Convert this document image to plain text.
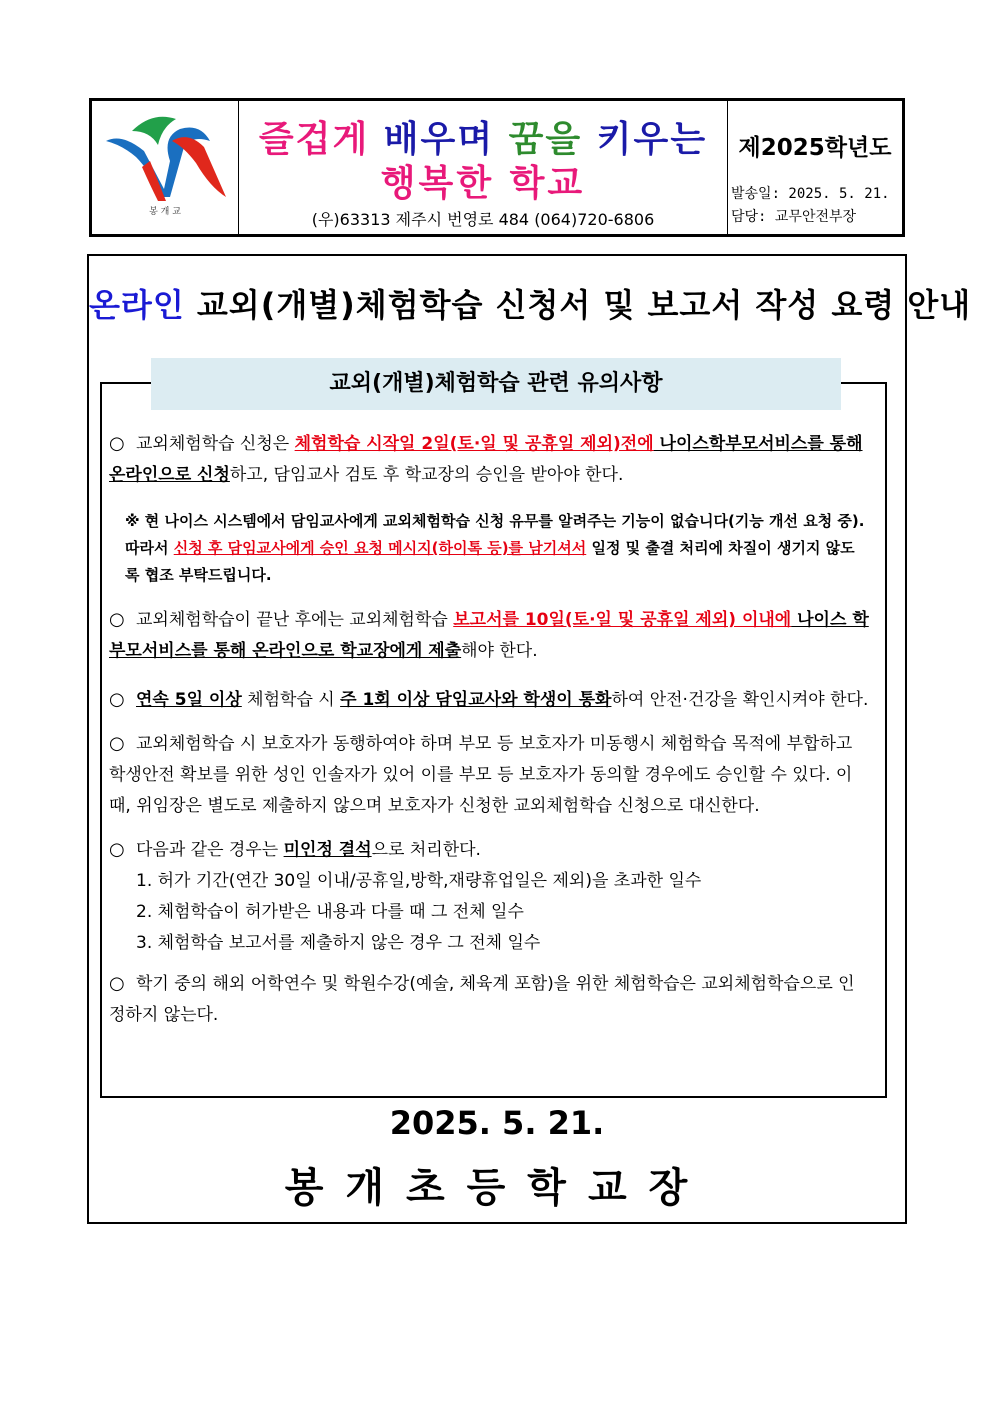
봉 개 교
즐겁게 배우며 꿈을 키우는
행복한 학교
(우)63313 제주시 번영로 484 (064)720-6806
제2025학년도
발송일: 2025. 5. 21.
담당: 교무안전부장
온라인 교외(개별)체험학습 신청서 및 보고서 작성 요령 안내
교외(개별)체험학습 관련 유의사항
○ 교외체험학습 신청은 체험학습 시작일 2일(토·일 및 공휴일 제외)전에 나이스학부모서비스를 통해 온라인으로 신청하고, 담임교사 검토 후 학교장의 승인을 받아야 한다.
※ 현 나이스 시스템에서 담임교사에게 교외체험학습 신청 유무를 알려주는 기능이 없습니다(기능 개선 요청 중). 따라서 신청 후 담임교사에게 승인 요청 메시지(하이톡 등)를 남기셔서 일정 및 출결 처리에 차질이 생기지 않도록 협조 부탁드립니다.
○ 교외체험학습이 끝난 후에는 교외체험학습 보고서를 10일(토·일 및 공휴일 제외) 이내에 나이스 학부모서비스를 통해 온라인으로 학교장에게 제출해야 한다.
○ 연속 5일 이상 체험학습 시 주 1회 이상 담임교사와 학생이 통화하여 안전·건강을 확인시켜야 한다.
○ 교외체험학습 시 보호자가 동행하여야 하며 부모 등 보호자가 미동행시 체험학습 목적에 부합하고 학생안전 확보를 위한 성인 인솔자가 있어 이를 부모 등 보호자가 동의할 경우에도 승인할 수 있다. 이때, 위임장은 별도로 제출하지 않으며 보호자가 신청한 교외체험학습 신청으로 대신한다.
○ 다음과 같은 경우는 미인정 결석으로 처리한다.
1. 허가 기간(연간 30일 이내/공휴일,방학,재량휴업일은 제외)을 초과한 일수
2. 체험학습이 허가받은 내용과 다를 때 그 전체 일수
3. 체험학습 보고서를 제출하지 않은 경우 그 전체 일수
○ 학기 중의 해외 어학연수 및 학원수강(예술, 체육계 포함)을 위한 체험학습은 교외체험학습으로 인정하지 않는다.
2025. 5. 21.
봉개초등학교장
